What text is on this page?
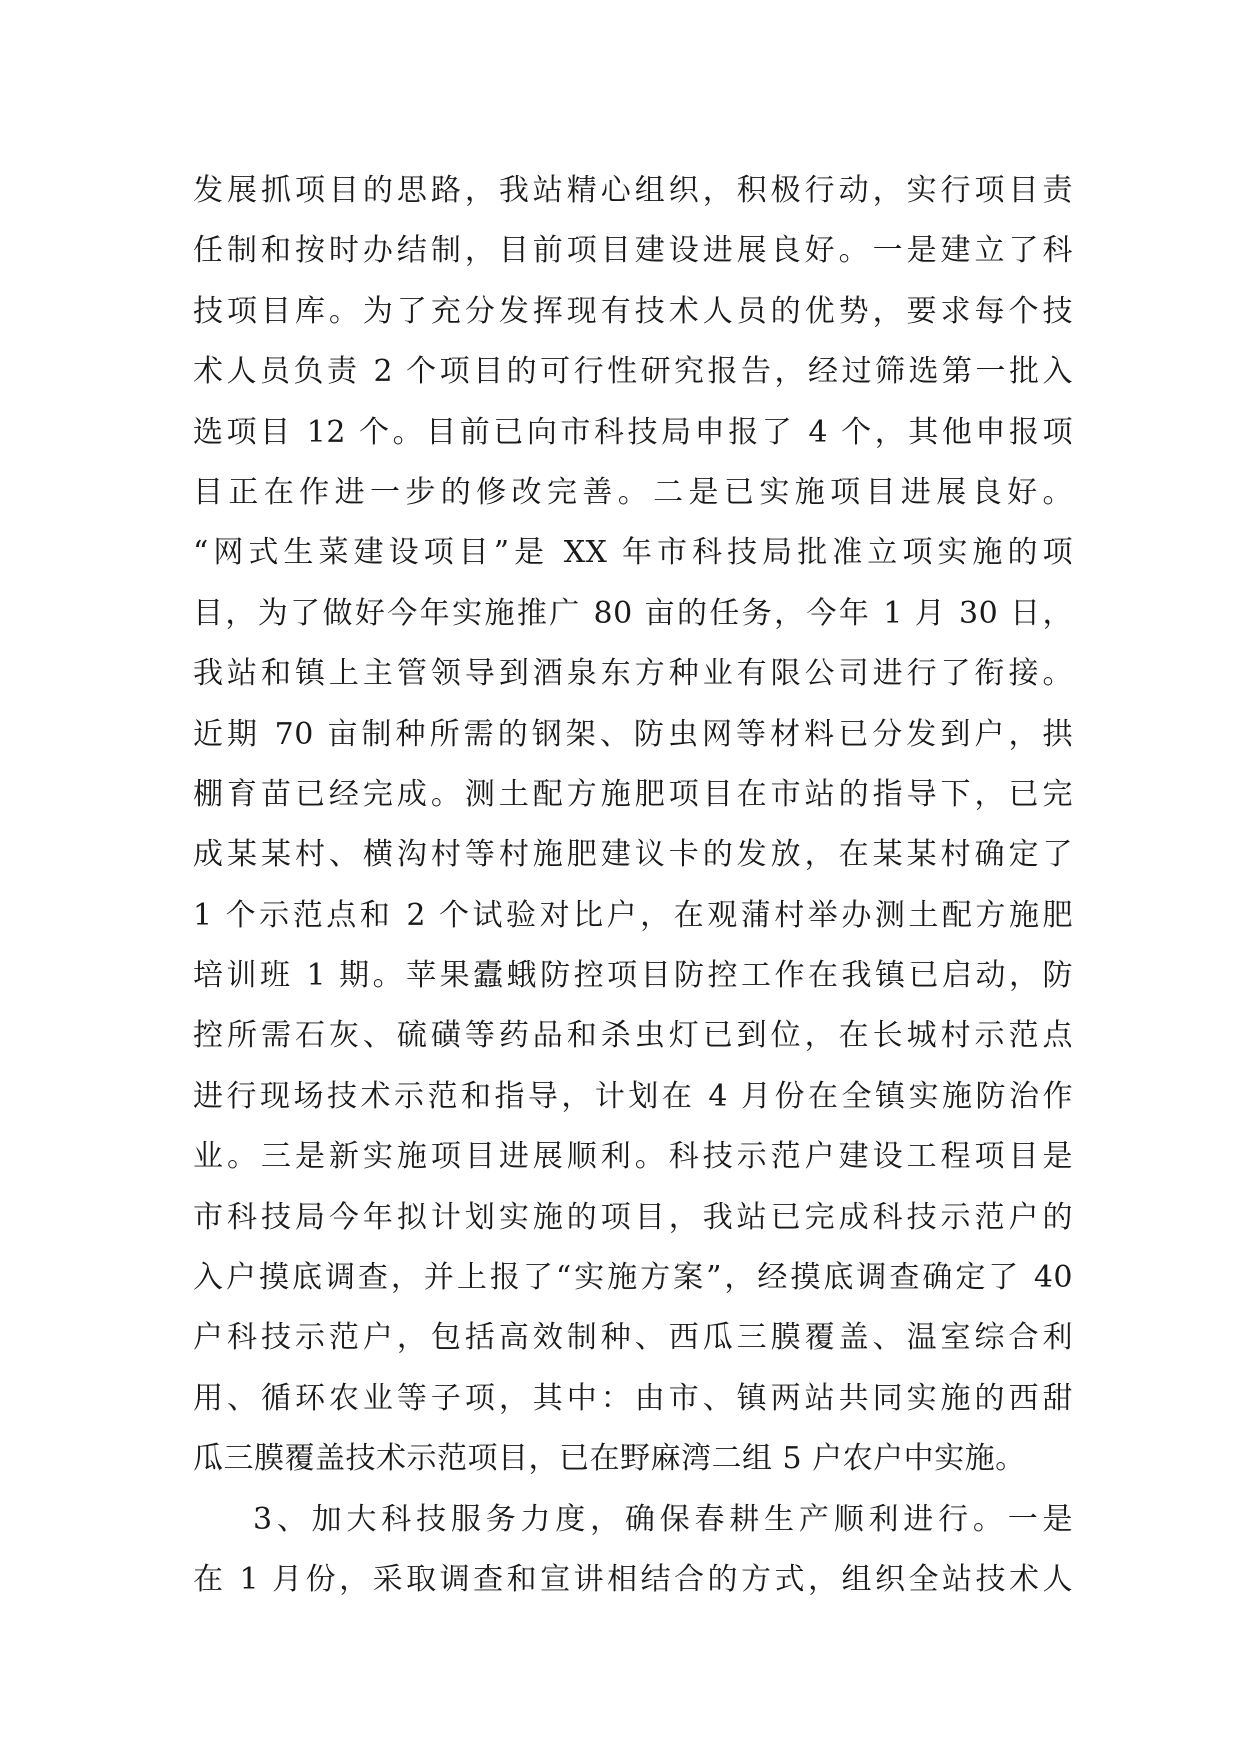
发展抓项目的思路，我站精心组织，积极行动，实行项目责
任制和按时办结制，目前项目建设进展良好。一是建立了科
技项目库。为了充分发挥现有技术人员的优势，要求每个技
术人员负责 2 个项目的可行性研究报告，经过筛选第一批入
选项目 12 个。目前已向市科技局申报了 4 个，其他申报项
目正在作进一步的修改完善。二是已实施项目进展良好。
“网式生菜建设项目”是 XX 年市科技局批准立项实施的项
目，为了做好今年实施推广 80 亩的任务，今年 1 月 30 日，
我站和镇上主管领导到酒泉东方种业有限公司进行了衔接。
近期 70 亩制种所需的钢架、防虫网等材料已分发到户，拱
棚育苗已经完成。测土配方施肥项目在市站的指导下，已完
成某某村、横沟村等村施肥建议卡的发放，在某某村确定了
1 个示范点和 2 个试验对比户，在观蒲村举办测土配方施肥
培训班 1 期。苹果蠹蛾防控项目防控工作在我镇已启动，防
控所需石灰、硫磺等药品和杀虫灯已到位，在长城村示范点
进行现场技术示范和指导，计划在 4 月份在全镇实施防治作
业。三是新实施项目进展顺利。科技示范户建设工程项目是
市科技局今年拟计划实施的项目，我站已完成科技示范户的
入户摸底调查，并上报了“实施方案”，经摸底调查确定了 40
户科技示范户，包括高效制种、西瓜三膜覆盖、温室综合利
用、循环农业等子项，其中：由市、镇两站共同实施的西甜
瓜三膜覆盖技术示范项目，已在野麻湾二组 5 户农户中实施。
3、加大科技服务力度，确保春耕生产顺利进行。一是
在 1 月份，采取调查和宣讲相结合的方式，组织全站技术人
